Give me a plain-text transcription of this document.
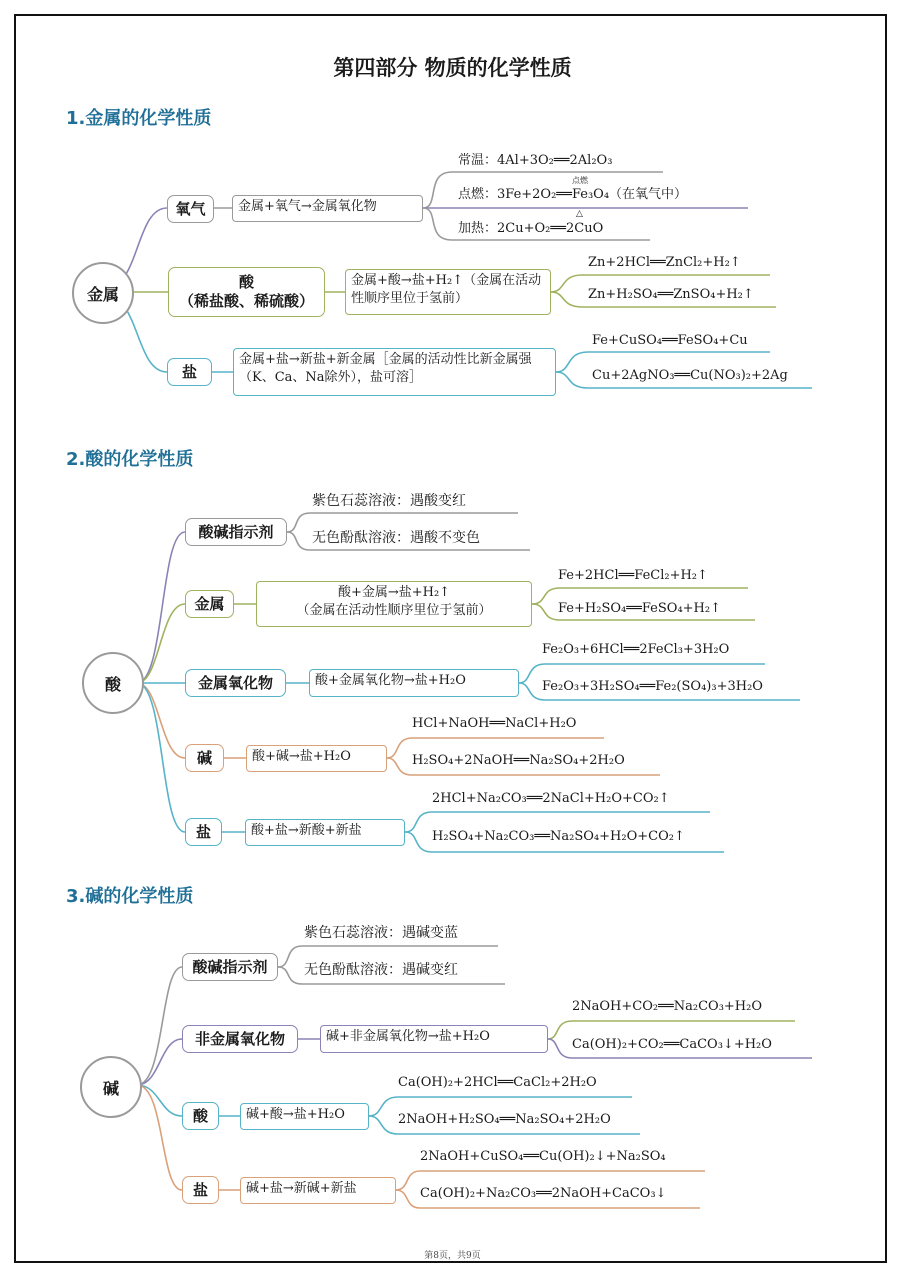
第四部分 物质的化学性质
1.金属的化学性质
金属
氧气	金属+氧气→金属氧化物
常温：4Al+3O₂══2Al₂O₃
点燃
点燃：3Fe+2O₂══Fe₃O₄（在氧气中）
△
加热：2Cu+O₂══2CuO
酸
（稀盐酸、稀硫酸）
金属+酸→盐+H₂↑（金属在活动性顺序里位于氢前）
Zn+2HCl══ZnCl₂+H₂↑
Zn+H₂SO₄══ZnSO₄+H₂↑
盐
金属+盐→新盐+新金属［金属的活动性比新金属强（K、Ca、Na除外），盐可溶］
Fe+CuSO₄══FeSO₄+Cu
Cu+2AgNO₃══Cu(NO₃)₂+2Ag
2.酸的化学性质
酸
酸碱指示剂
紫色石蕊溶液：遇酸变红
无色酚酞溶液：遇酸不变色
金属
酸+金属→盐+H₂↑
（金属在活动性顺序里位于氢前）
Fe+2HCl══FeCl₂+H₂↑
Fe+H₂SO₄══FeSO₄+H₂↑
金属氧化物	酸+金属氧化物→盐+H₂O
Fe₂O₃+6HCl══2FeCl₃+3H₂O
Fe₂O₃+3H₂SO₄══Fe₂(SO₄)₃+3H₂O
碱	酸+碱→盐+H₂O
HCl+NaOH══NaCl+H₂O
H₂SO₄+2NaOH══Na₂SO₄+2H₂O
盐	酸+盐→新酸+新盐
2HCl+Na₂CO₃══2NaCl+H₂O+CO₂↑
H₂SO₄+Na₂CO₃══Na₂SO₄+H₂O+CO₂↑
3.碱的化学性质
碱
酸碱指示剂
紫色石蕊溶液：遇碱变蓝
无色酚酞溶液：遇碱变红
非金属氧化物	碱+非金属氧化物→盐+H₂O
2NaOH+CO₂══Na₂CO₃+H₂O
Ca(OH)₂+CO₂══CaCO₃↓+H₂O
酸	碱+酸→盐+H₂O
Ca(OH)₂+2HCl══CaCl₂+2H₂O
2NaOH+H₂SO₄══Na₂SO₄+2H₂O
盐	碱+盐→新碱+新盐
2NaOH+CuSO₄══Cu(OH)₂↓+Na₂SO₄
Ca(OH)₂+Na₂CO₃══2NaOH+CaCO₃↓
第8页，共9页
